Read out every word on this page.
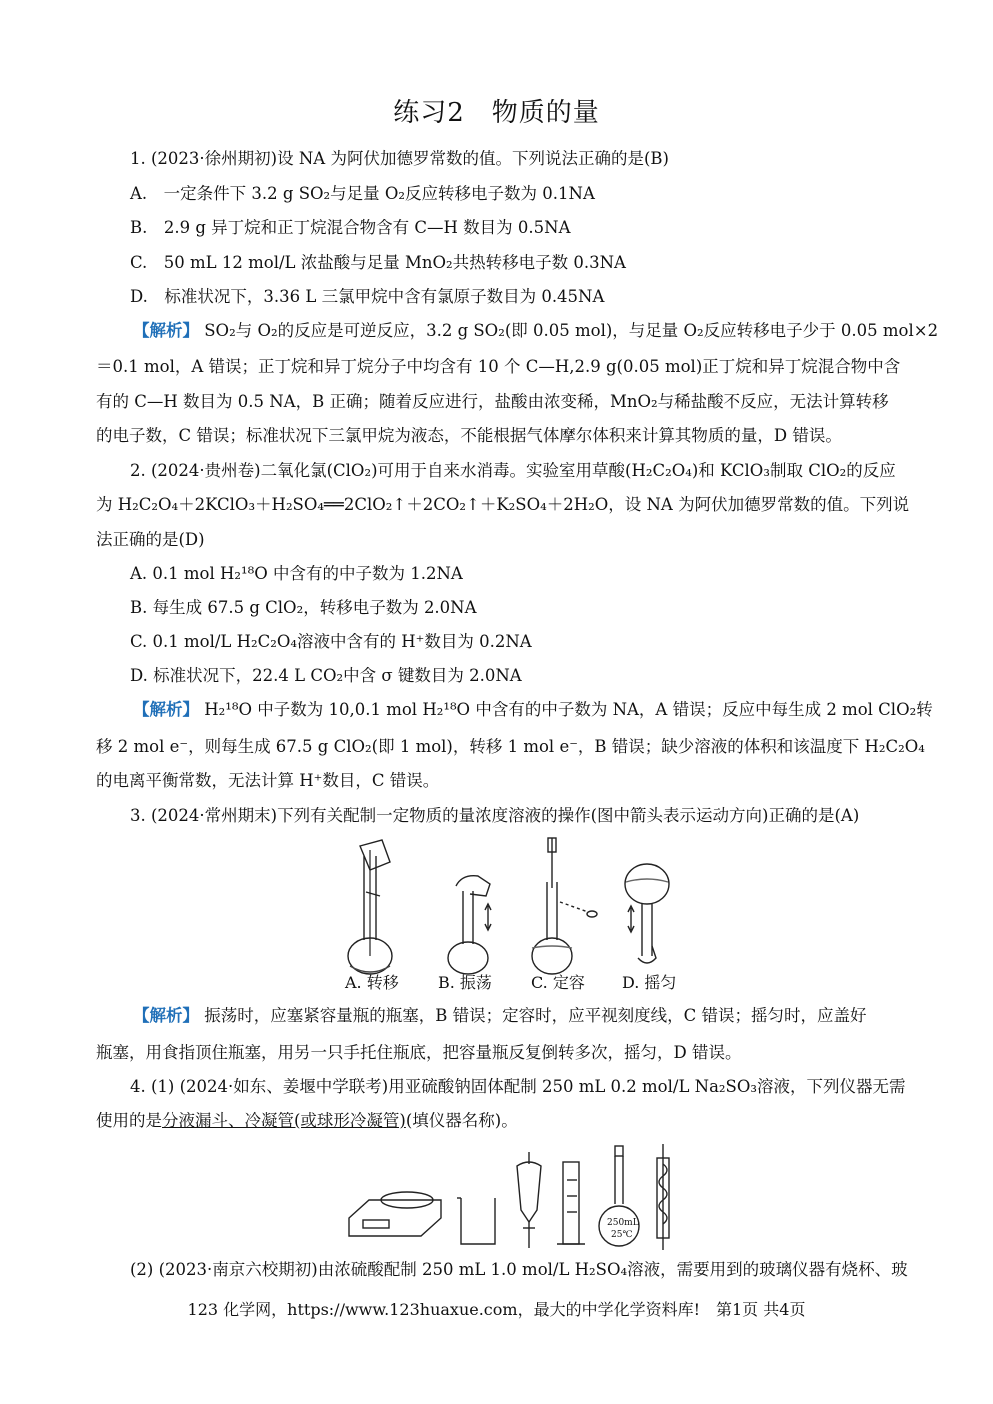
练习2　物质的量
1. (2023·徐州期初)设 NA 为阿伏加德罗常数的值。下列说法正确的是(B)
A.　一定条件下 3.2 g SO₂与足量 O₂反应转移电子数为 0.1NA
B.　2.9 g 异丁烷和正丁烷混合物含有 C—H 数目为 0.5NA
C.　50 mL 12 mol/L 浓盐酸与足量 MnO₂共热转移电子数 0.3NA
D.　标准状况下，3.36 L 三氯甲烷中含有氯原子数目为 0.45NA
【解析】 SO₂与 O₂的反应是可逆反应，3.2 g SO₂(即 0.05 mol)，与足量 O₂反应转移电子少于 0.05 mol×2
＝0.1 mol，A 错误；正丁烷和异丁烷分子中均含有 10 个 C—H,2.9 g(0.05 mol)正丁烷和异丁烷混合物中含
有的 C—H 数目为 0.5 NA，B 正确；随着反应进行，盐酸由浓变稀，MnO₂与稀盐酸不反应，无法计算转移
的电子数，C 错误；标准状况下三氯甲烷为液态，不能根据气体摩尔体积来计算其物质的量，D 错误。
2. (2024·贵州卷)二氧化氯(ClO₂)可用于自来水消毒。实验室用草酸(H₂C₂O₄)和 KClO₃制取 ClO₂的反应
为 H₂C₂O₄＋2KClO₃＋H₂SO₄══2ClO₂↑＋2CO₂↑＋K₂SO₄＋2H₂O，设 NA 为阿伏加德罗常数的值。下列说
法正确的是(D)
A. 0.1 mol H₂¹⁸O 中含有的中子数为 1.2NA
B. 每生成 67.5 g ClO₂，转移电子数为 2.0NA
C. 0.1 mol/L H₂C₂O₄溶液中含有的 H⁺数目为 0.2NA
D. 标准状况下，22.4 L CO₂中含 σ 键数目为 2.0NA
【解析】 H₂¹⁸O 中子数为 10,0.1 mol H₂¹⁸O 中含有的中子数为 NA，A 错误；反应中每生成 2 mol ClO₂转
移 2 mol e⁻，则每生成 67.5 g ClO₂(即 1 mol)，转移 1 mol e⁻，B 错误；缺少溶液的体积和该温度下 H₂C₂O₄
的电离平衡常数，无法计算 H⁺数目，C 错误。
3. (2024·常州期末)下列有关配制一定物质的量浓度溶液的操作(图中箭头表示运动方向)正确的是(A)
A. 转移 B. 振荡 C. 定容 D. 摇匀
【解析】 振荡时，应塞紧容量瓶的瓶塞，B 错误；定容时，应平视刻度线，C 错误；摇匀时，应盖好
瓶塞，用食指顶住瓶塞，用另一只手托住瓶底，把容量瓶反复倒转多次，摇匀，D 错误。
4. (1) (2024·如东、姜堰中学联考)用亚硫酸钠固体配制 250 mL 0.2 mol/L Na₂SO₃溶液，下列仪器无需
使用的是分液漏斗、冷凝管(或球形冷凝管)(填仪器名称)。
250mL
25℃
(2) (2023·南京六校期初)由浓硫酸配制 250 mL 1.0 mol/L H₂SO₄溶液，需要用到的玻璃仪器有烧杯、玻
123 化学网，https://www.123huaxue.com，最大的中学化学资料库!　第1页 共4页
